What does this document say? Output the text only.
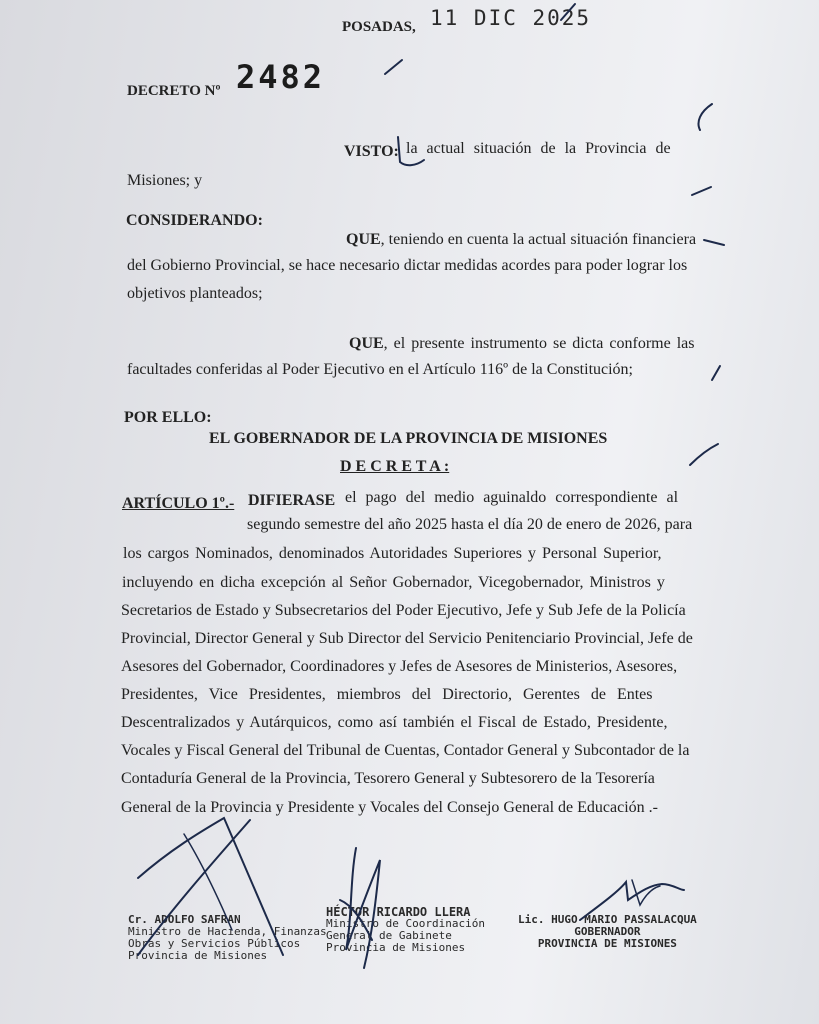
POSADAS, 11 DIC 2025
DECRETO Nº 2482
VISTO: la actual situación de la Provincia de
Misiones; y
CONSIDERANDO:
QUE, teniendo en cuenta la actual situación financiera
del Gobierno Provincial, se hace necesario dictar medidas acordes para poder lograr los
objetivos planteados;
QUE, el presente instrumento se dicta conforme las
facultades conferidas al Poder Ejecutivo en el Artículo 116º de la Constitución;
POR ELLO:
EL GOBERNADOR DE LA PROVINCIA DE MISIONES
D E C R E T A :
ARTÍCULO 1º.- DIFIERASE el pago del medio aguinaldo correspondiente al
segundo semestre del año 2025 hasta el día 20 de enero de 2026, para
los cargos Nominados, denominados Autoridades Superiores y Personal Superior,
incluyendo en dicha excepción al Señor Gobernador, Vicegobernador, Ministros y
Secretarios de Estado y Subsecretarios del Poder Ejecutivo, Jefe y Sub Jefe de la Policía
Provincial, Director General y Sub Director del Servicio Penitenciario Provincial, Jefe de
Asesores del Gobernador, Coordinadores y Jefes de Asesores de Ministerios, Asesores,
Presidentes, Vice Presidentes, miembros del Directorio, Gerentes de Entes
Descentralizados y Autárquicos, como así también el Fiscal de Estado, Presidente,
Vocales y Fiscal General del Tribunal de Cuentas, Contador General y Subcontador de la
Contaduría General de la Provincia, Tesorero General y Subtesorero de la Tesorería
General de la Provincia y Presidente y Vocales del Consejo General de Educación .-
Cr. ADOLFO SAFRAN
Ministro de Hacienda, Finanzas
Obras y Servicios Públicos
Provincia de Misiones
HÉCTOR RICARDO LLERA
Ministro de Coordinación
General de Gabinete
Provincia de Misiones
Lic. HUGO MARIO PASSALACQUA
GOBERNADOR
PROVINCIA DE MISIONES
